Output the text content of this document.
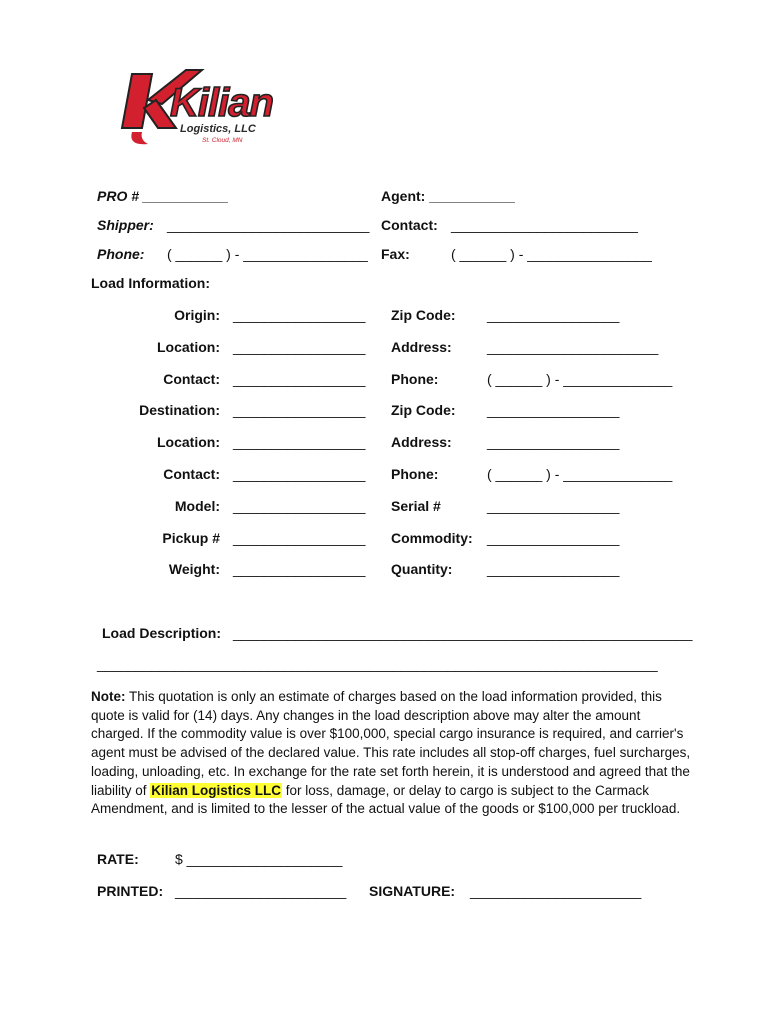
Kilian
Logistics, LLC
St. Cloud, MN
PRO # ___________	Agent: ___________
Shipper: __________________________ Contact: ________________________
Phone: ( ______ ) - ________________ Fax:	( ______ ) - ________________
Load Information:
Origin: _________________ Zip Code: _________________
Location: _________________ Address:	______________________
Contact: _________________ Phone:	( ______ ) - ______________
Destination: _________________ Zip Code: _________________
Location: _________________ Address:	_________________
Contact: _________________ Phone:	( ______ ) - ______________
Model: _________________ Serial #	_________________
Pickup # _________________ Commodity: _________________
Weight: _________________ Quantity: _________________
Load Description: ___________________________________________________________
________________________________________________________________________
Note: This quotation is only an estimate of charges based on the load information provided, this quote is valid for (14) days. Any changes in the load description above may alter the amount charged. If the commodity value is over $100,000, special cargo insurance is required, and carrier's agent must be advised of the declared value. This rate includes all stop-off charges, fuel surcharges, loading, unloading, etc. In exchange for the rate set forth herein, it is understood and agreed that the liability of Kilian Logistics LLC for loss, damage, or delay to cargo is subject to the Carmack Amendment, and is limited to the lesser of the actual value of the goods or $100,000 per truckload.
RATE:	$ ____________________
PRINTED: ______________________ SIGNATURE: ______________________
